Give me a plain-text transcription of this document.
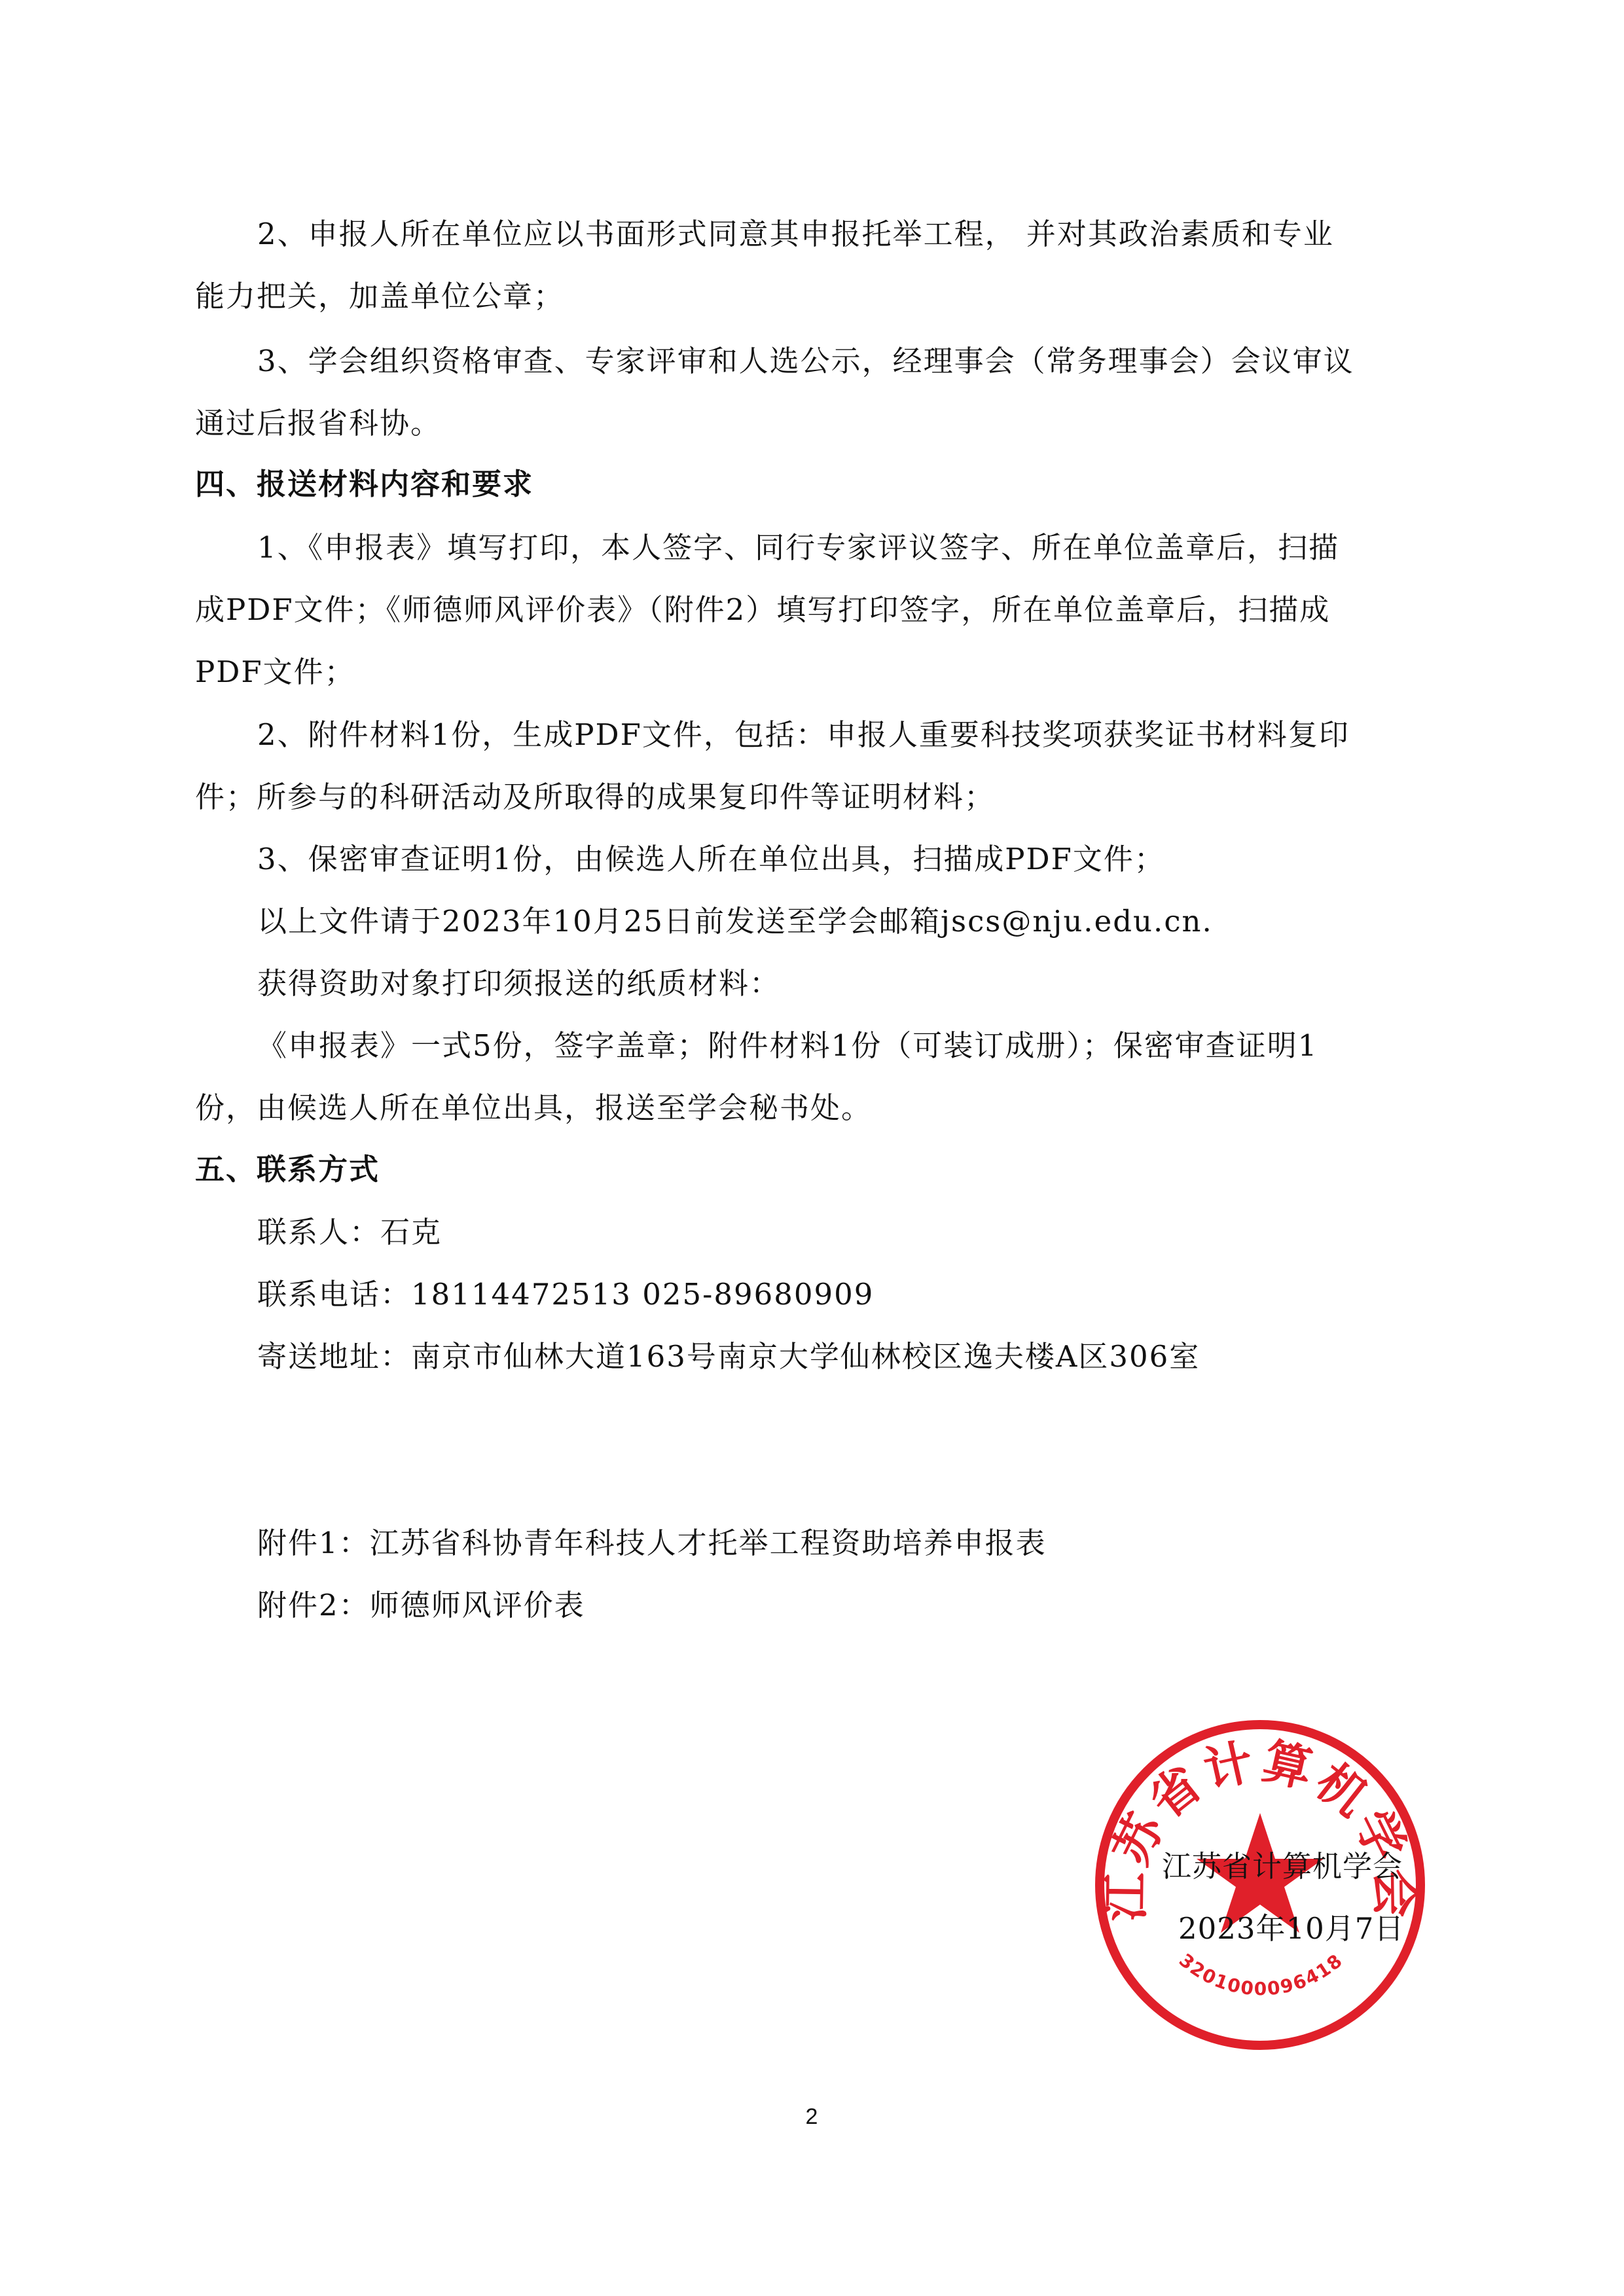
2、申报人所在单位应以书面形式同意其申报托举工程， 并对其政治素质和专业
能力把关，加盖单位公章；
3、学会组织资格审查、专家评审和人选公示，经理事会（常务理事会）会议审议
通过后报省科协。
四、报送材料内容和要求
1、《申报表》填写打印，本人签字、同行专家评议签字、所在单位盖章后，扫描
成PDF文件；《师德师风评价表》（附件2）填写打印签字，所在单位盖章后，扫描成
PDF文件；
2、附件材料1份，生成PDF文件，包括：申报人重要科技奖项获奖证书材料复印
件；所参与的科研活动及所取得的成果复印件等证明材料；
3、保密审查证明1份，由候选人所在单位出具，扫描成PDF文件；
以上文件请于2023年10月25日前发送至学会邮箱jscs@nju.edu.cn.
获得资助对象打印须报送的纸质材料：
《申报表》一式5份，签字盖章；附件材料1份（可装订成册）；保密审查证明1
份，由候选人所在单位出具，报送至学会秘书处。
五、联系方式
联系人：石克
联系电话：18114472513 025-89680909
寄送地址：南京市仙林大道163号南京大学仙林校区逸夫楼A区306室
附件1：江苏省科协青年科技人才托举工程资助培养申报表
附件2：师德师风评价表
江苏省计算机学会
3201000096418
江苏省计算机学会
2023年10月7日
2
